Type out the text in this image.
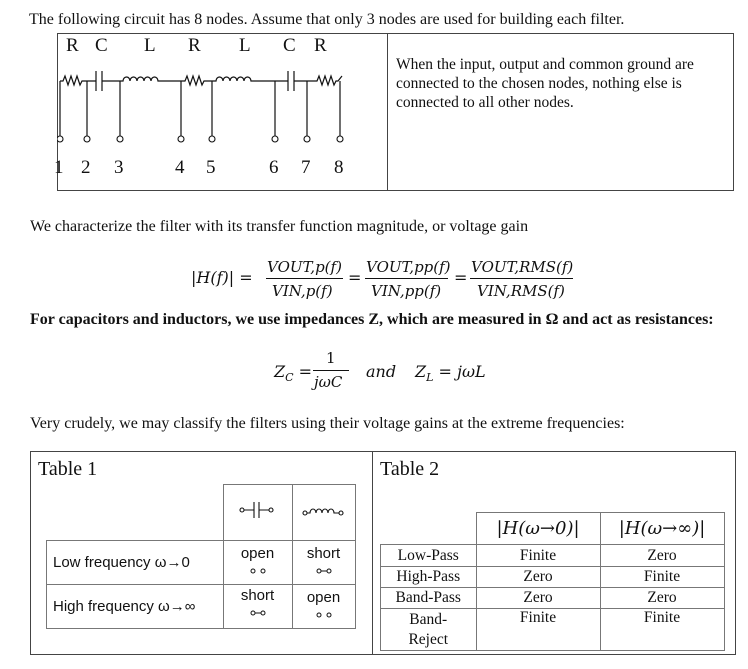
The following circuit has 8 nodes. Assume that only 3 nodes are used for building each filter.
When the input, output and common ground are connected to the chosen nodes, nothing else is connected to all other nodes.
R C L R L C R
1 2 3	4 5	6 7 8
We characterize the filter with its transfer function magnitude, or voltage gain
|H(f)| =
VOUT,p(f)
VIN,p(f)
=
VOUT,pp(f)
VIN,pp(f)
=
VOUT,RMS(f)
VIN,RMS(f)
For capacitors and inductors, we use impedances Z, which are measured in Ω and act as resistances:
$Z_C$ =
1
jωC
and $Z_L = j\omega L$
Very crudely, we may classify the filters using their voltage gains at the extreme frequencies:
Table 1

Low frequency ω→0	open	short

High frequency ω→∞	short	open
Table 2
	|H(ω→0)|	|H(ω→∞)|
Low-Pass	Finite	Zero
High-Pass	Zero	Finite
Band-Pass	Zero	Zero
Band-Reject	Finite	Finite
